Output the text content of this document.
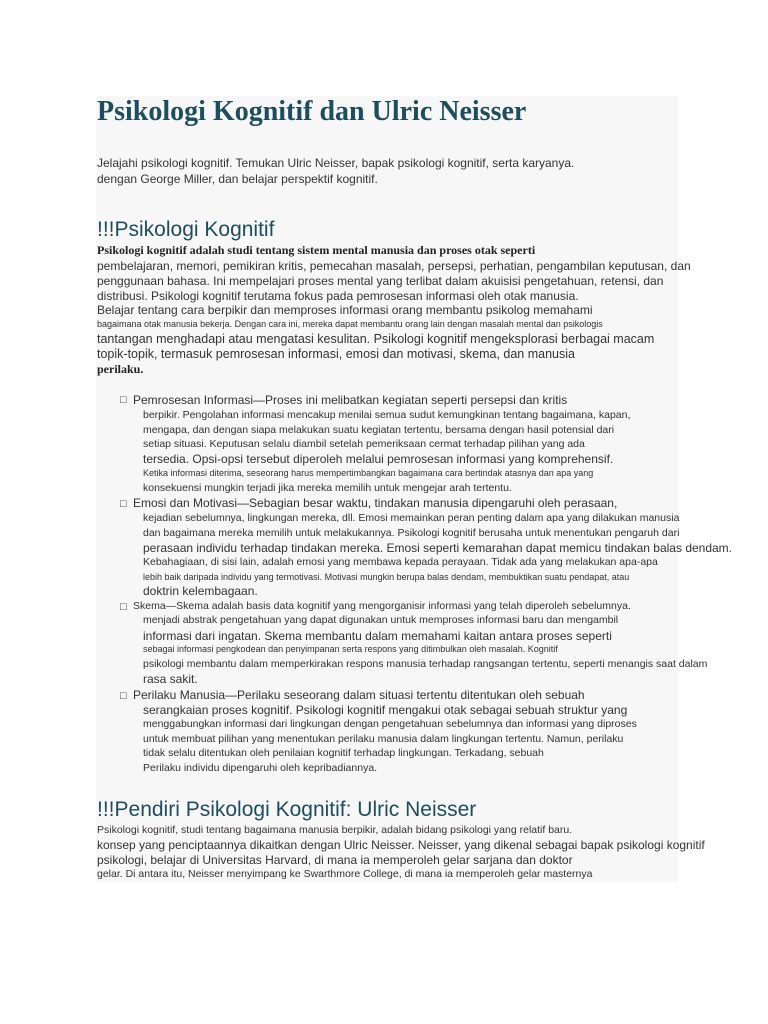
Psikologi Kognitif dan Ulric Neisser

Jelajahi psikologi kognitif. Temukan Ulric Neisser, bapak psikologi kognitif, serta karyanya.

dengan George Miller, dan belajar perspektif kognitif.

!!!Psikologi Kognitif

Psikologi kognitif adalah studi tentang sistem mental manusia dan proses otak seperti

pembelajaran, memori, pemikiran kritis, pemecahan masalah, persepsi, perhatian, pengambilan keputusan, dan

penggunaan bahasa. Ini mempelajari proses mental yang terlibat dalam akuisisi pengetahuan, retensi, dan

distribusi. Psikologi kognitif terutama fokus pada pemrosesan informasi oleh otak manusia.

Belajar tentang cara berpikir dan memproses informasi orang membantu psikolog memahami

bagaimana otak manusia bekerja. Dengan cara ini, mereka dapat membantu orang lain dengan masalah mental dan psikologis

tantangan menghadapi atau mengatasi kesulitan. Psikologi kognitif mengeksplorasi berbagai macam

topik-topik, termasuk pemrosesan informasi, emosi dan motivasi, skema, dan manusia

perilaku.

□ Pemrosesan Informasi—Proses ini melibatkan kegiatan seperti persepsi dan kritis

berpikir. Pengolahan informasi mencakup menilai semua sudut kemungkinan tentang bagaimana, kapan,

mengapa, dan dengan siapa melakukan suatu kegiatan tertentu, bersama dengan hasil potensial dari

setiap situasi. Keputusan selalu diambil setelah pemeriksaan cermat terhadap pilihan yang ada

tersedia. Opsi-opsi tersebut diperoleh melalui pemrosesan informasi yang komprehensif.

Ketika informasi diterima, seseorang harus mempertimbangkan bagaimana cara bertindak atasnya dan apa yang

konsekuensi mungkin terjadi jika mereka memilih untuk mengejar arah tertentu.

□ Emosi dan Motivasi—Sebagian besar waktu, tindakan manusia dipengaruhi oleh perasaan,

kejadian sebelumnya, lingkungan mereka, dll. Emosi memainkan peran penting dalam apa yang dilakukan manusia

dan bagaimana mereka memilih untuk melakukannya. Psikologi kognitif berusaha untuk menentukan pengaruh dari

perasaan individu terhadap tindakan mereka. Emosi seperti kemarahan dapat memicu tindakan balas dendam.

Kebahagiaan, di sisi lain, adalah emosi yang membawa kepada perayaan. Tidak ada yang melakukan apa-apa

lebih baik daripada individu yang termotivasi. Motivasi mungkin berupa balas dendam, membuktikan suatu pendapat, atau

doktrin kelembagaan.

□ Skema—Skema adalah basis data kognitif yang mengorganisir informasi yang telah diperoleh sebelumnya.

menjadi abstrak pengetahuan yang dapat digunakan untuk memproses informasi baru dan mengambil

informasi dari ingatan. Skema membantu dalam memahami kaitan antara proses seperti

sebagai informasi pengkodean dan penyimpanan serta respons yang ditimbulkan oleh masalah. Kognitif

psikologi membantu dalam memperkirakan respons manusia terhadap rangsangan tertentu, seperti menangis saat dalam

rasa sakit.

□ Perilaku Manusia—Perilaku seseorang dalam situasi tertentu ditentukan oleh sebuah

serangkaian proses kognitif. Psikologi kognitif mengakui otak sebagai sebuah struktur yang

menggabungkan informasi dari lingkungan dengan pengetahuan sebelumnya dan informasi yang diproses

untuk membuat pilihan yang menentukan perilaku manusia dalam lingkungan tertentu. Namun, perilaku

tidak selalu ditentukan oleh penilaian kognitif terhadap lingkungan. Terkadang, sebuah

Perilaku individu dipengaruhi oleh kepribadiannya.

!!!Pendiri Psikologi Kognitif: Ulric Neisser

Psikologi kognitif, studi tentang bagaimana manusia berpikir, adalah bidang psikologi yang relatif baru.

konsep yang penciptaannya dikaitkan dengan Ulric Neisser. Neisser, yang dikenal sebagai bapak psikologi kognitif

psikologi, belajar di Universitas Harvard, di mana ia memperoleh gelar sarjana dan doktor

gelar. Di antara itu, Neisser menyimpang ke Swarthmore College, di mana ia memperoleh gelar masternya
